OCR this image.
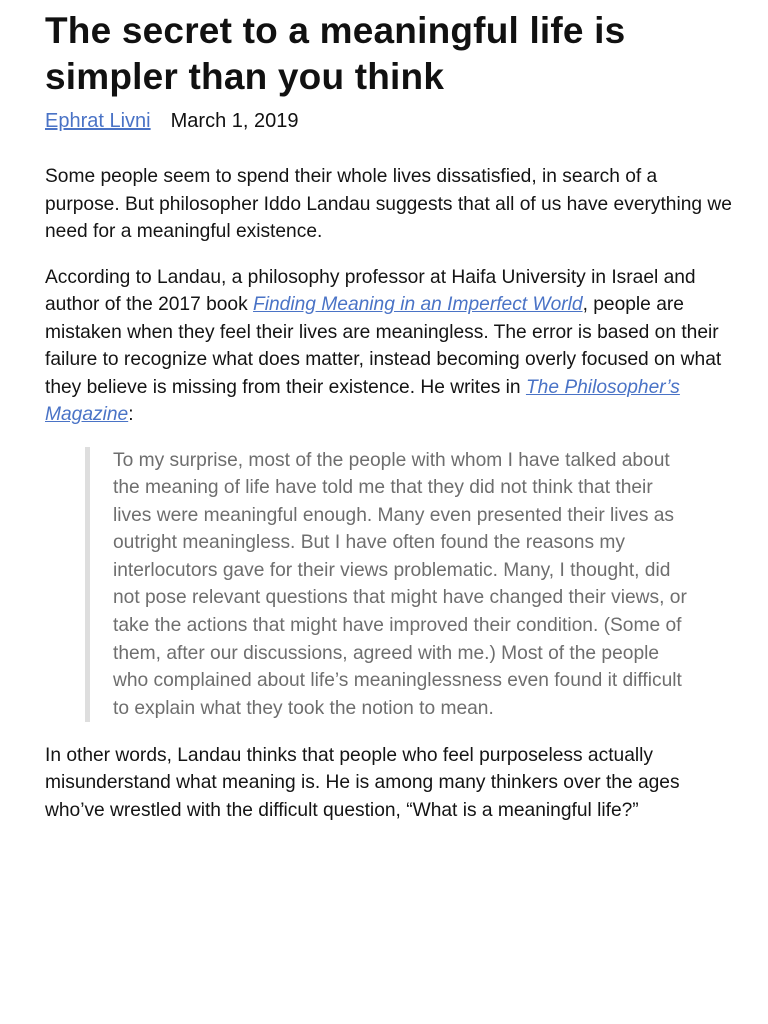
The secret to a meaningful life is simpler than you think
Ephrat Livni March 1, 2019

Some people seem to spend their whole lives dissatisfied, in search of a purpose. But philosopher Iddo Landau suggests that all of us have everything we need for a meaningful existence.

According to Landau, a philosophy professor at Haifa University in Israel and author of the 2017 book Finding Meaning in an Imperfect World, people are mistaken when they feel their lives are meaningless. The error is based on their failure to recognize what does matter, instead becoming overly focused on what they believe is missing from their existence. He writes in The Philosopher’s Magazine:

To my surprise, most of the people with whom I have talked about the meaning of life have told me that they did not think that their lives were meaningful enough. Many even presented their lives as outright meaningless. But I have often found the reasons my interlocutors gave for their views problematic. Many, I thought, did not pose relevant questions that might have changed their views, or take the actions that might have improved their condition. (Some of them, after our discussions, agreed with me.) Most of the people who complained about life’s meaninglessness even found it difficult to explain what they took the notion to mean.

In other words, Landau thinks that people who feel purposeless actually misunderstand what meaning is. He is among many thinkers over the ages who’ve wrestled with the difficult question, “What is a meaningful life?”
